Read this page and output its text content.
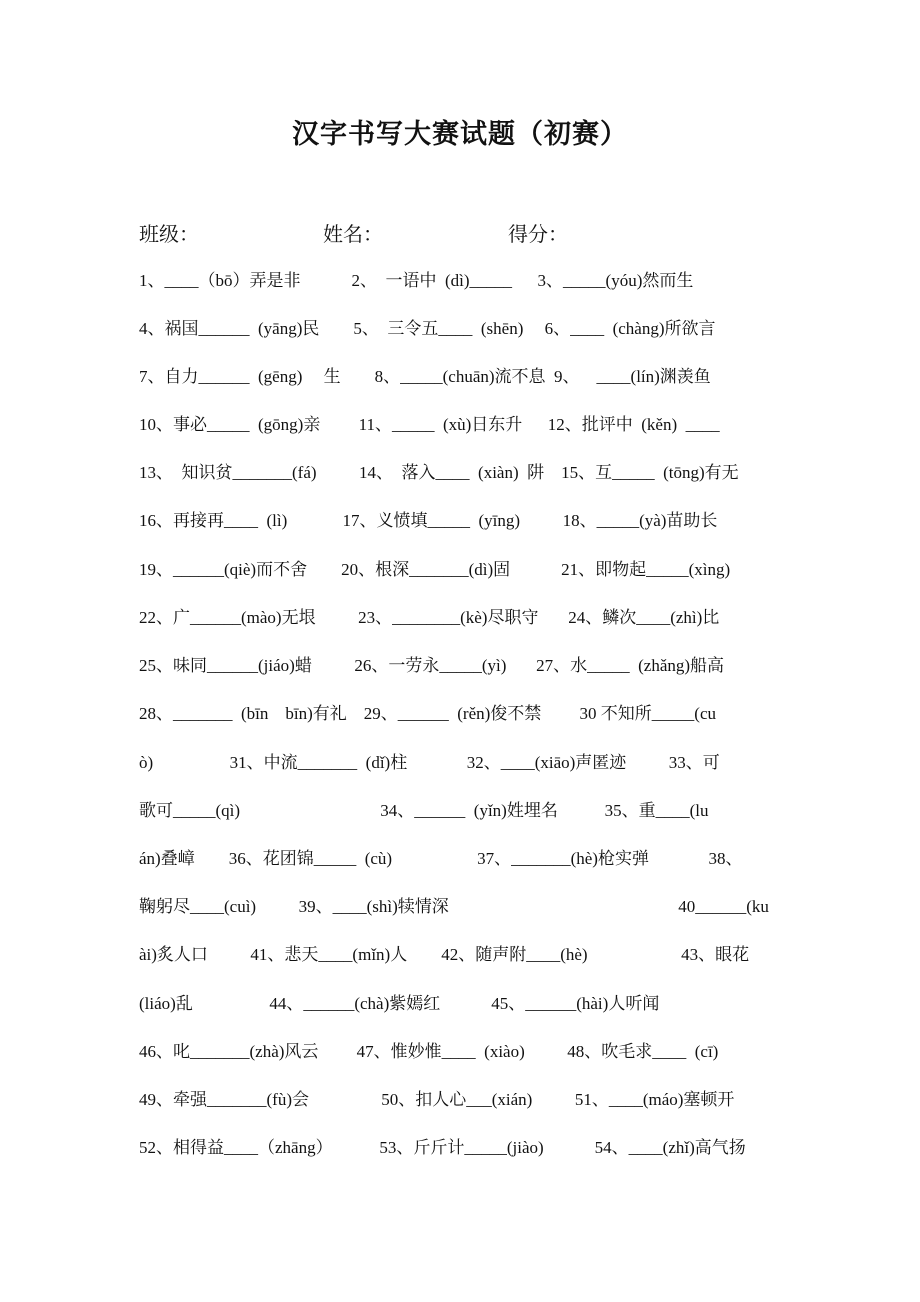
汉字书写大赛试题（初赛）
班级：	姓名：	得分：
1、____（bō）弄是非            2、  一语中  (dì)_____      3、_____(yóu)然而生
4、祸国______  (yāng)民        5、  三令五____  (shēn)     6、____  (chàng)所欲言
7、自力______  (gēng)     生        8、_____(chuān)流不息  9、    ____(lín)渊羡鱼
10、事必_____  (gōng)亲         11、_____  (xù)日东升      12、批评中  (kěn)  ____
13、  知识贫_______(fá)          14、  落入____  (xiàn)  阱    15、互_____  (tōng)有无
16、再接再____  (lì)             17、义愤填_____  (yīng)          18、_____(yà)苗助长
19、______(qiè)而不舍        20、根深_______(dì)固            21、即物起_____(xìng)
22、广______(mào)无垠          23、________(kè)尽职守       24、鳞次____(zhì)比
25、味同______(jiáo)蜡          26、一劳永_____(yì)       27、水_____  (zhǎng)船高
28、_______  (bīn    bīn)有礼    29、______  (rěn)俊不禁         30 不知所_____(cu
ò)                  31、中流_______  (dǐ)柱              32、____(xiāo)声匿迹          33、可
歌可_____(qì)                                 34、______  (yǐn)姓埋名           35、重____(lu
án)叠嶂        36、花团锦_____  (cù)                    37、_______(hè)枪实弹              38、
鞠躬尽____(cuì)          39、____(shì)犊情深                                                      40______(ku
ài)炙人口          41、悲天____(mǐn)人        42、随声附____(hè)                      43、眼花
(liáo)乱                  44、______(chà)紫嫣红            45、______(hài)人听闻
46、叱_______(zhà)风云         47、惟妙惟____  (xiào)          48、吹毛求____  (cī)
49、牵强_______(fù)会                 50、扣人心___(xián)          51、____(máo)塞顿开
52、相得益____（zhāng）           53、斤斤计_____(jiào)            54、____(zhǐ)高气扬
